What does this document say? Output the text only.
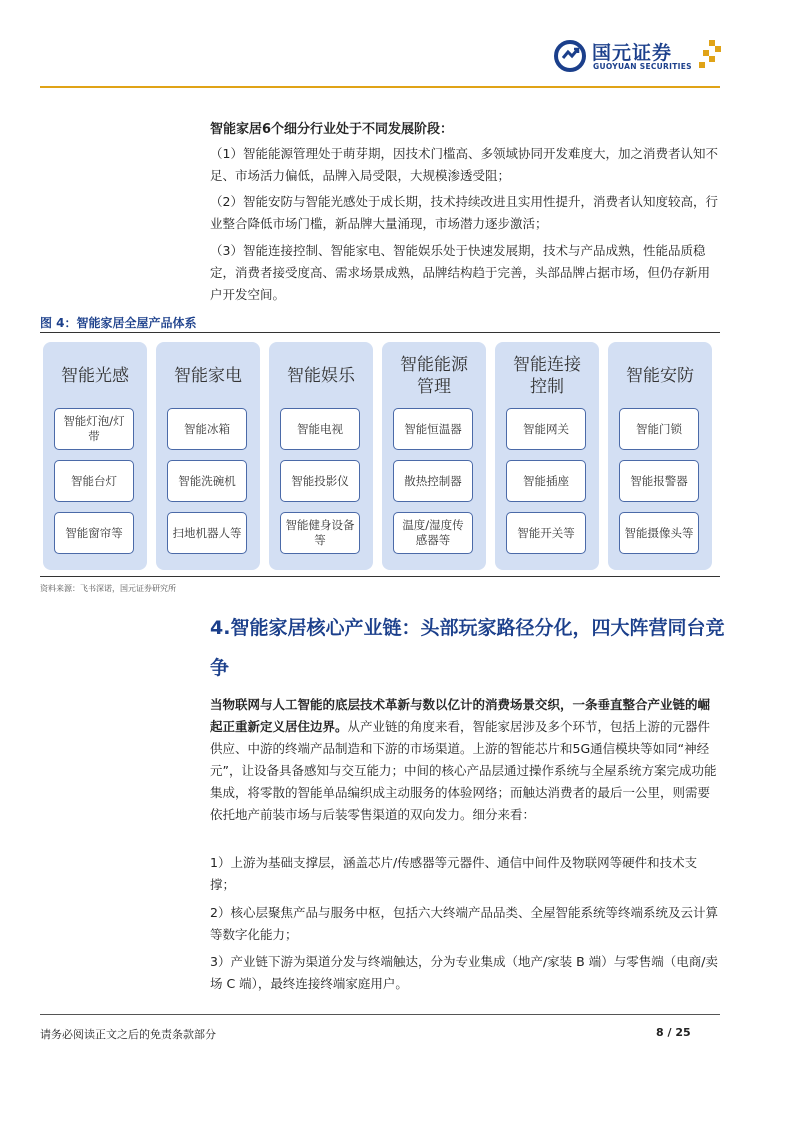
国元证券
GUOYUAN SECURITIES
智能家居6个细分行业处于不同发展阶段：

（1）智能能源管理处于萌芽期，因技术门槛高、多领域协同开发难度大，加之消费者认知不足、市场活力偏低，品牌入局受限，大规模渗透受阻；

（2）智能安防与智能光感处于成长期，技术持续改进且实用性提升，消费者认知度较高，行业整合降低市场门槛，新品牌大量涌现，市场潜力逐步激活；

（3）智能连接控制、智能家电、智能娱乐处于快速发展期，技术与产品成熟，性能品质稳定，消费者接受度高、需求场景成熟，品牌结构趋于完善，头部品牌占据市场，但仍存新用户开发空间。

图 4：智能家居全屋产品体系
智能光感
智能灯泡/灯带
智能台灯
智能窗帘等
智能家电
智能冰箱
智能洗碗机
扫地机器人等
智能娱乐
智能电视
智能投影仪
智能健身设备等
智能能源管理
智能恒温器
散热控制器
温度/湿度传感器等
智能连接控制
智能网关
智能插座
智能开关等
智能安防
智能门锁
智能报警器
智能摄像头等
资料来源：飞书深诺，国元证券研究所
4.智能家居核心产业链：头部玩家路径分化，四大阵营同台竞争
当物联网与人工智能的底层技术革新与数以亿计的消费场景交织，一条垂直整合产业链的崛起正重新定义居住边界。从产业链的角度来看，智能家居涉及多个环节，包括上游的元器件供应、中游的终端产品制造和下游的市场渠道。上游的智能芯片和5G通信模块等如同“神经元”，让设备具备感知与交互能力；中间的核心产品层通过操作系统与全屋系统方案完成功能集成，将零散的智能单品编织成主动服务的体验网络；而触达消费者的最后一公里，则需要依托地产前装市场与后装零售渠道的双向发力。细分来看：
1）上游为基础支撑层，涵盖芯片/传感器等元器件、通信中间件及物联网等硬件和技术支撑；
2）核心层聚焦产品与服务中枢，包括六大终端产品品类、全屋智能系统等终端系统及云计算等数字化能力；
3）产业链下游为渠道分发与终端触达，分为专业集成（地产/家装 B 端）与零售端（电商/卖场 C 端），最终连接终端家庭用户。
请务必阅读正文之后的免责条款部分	8 / 25
